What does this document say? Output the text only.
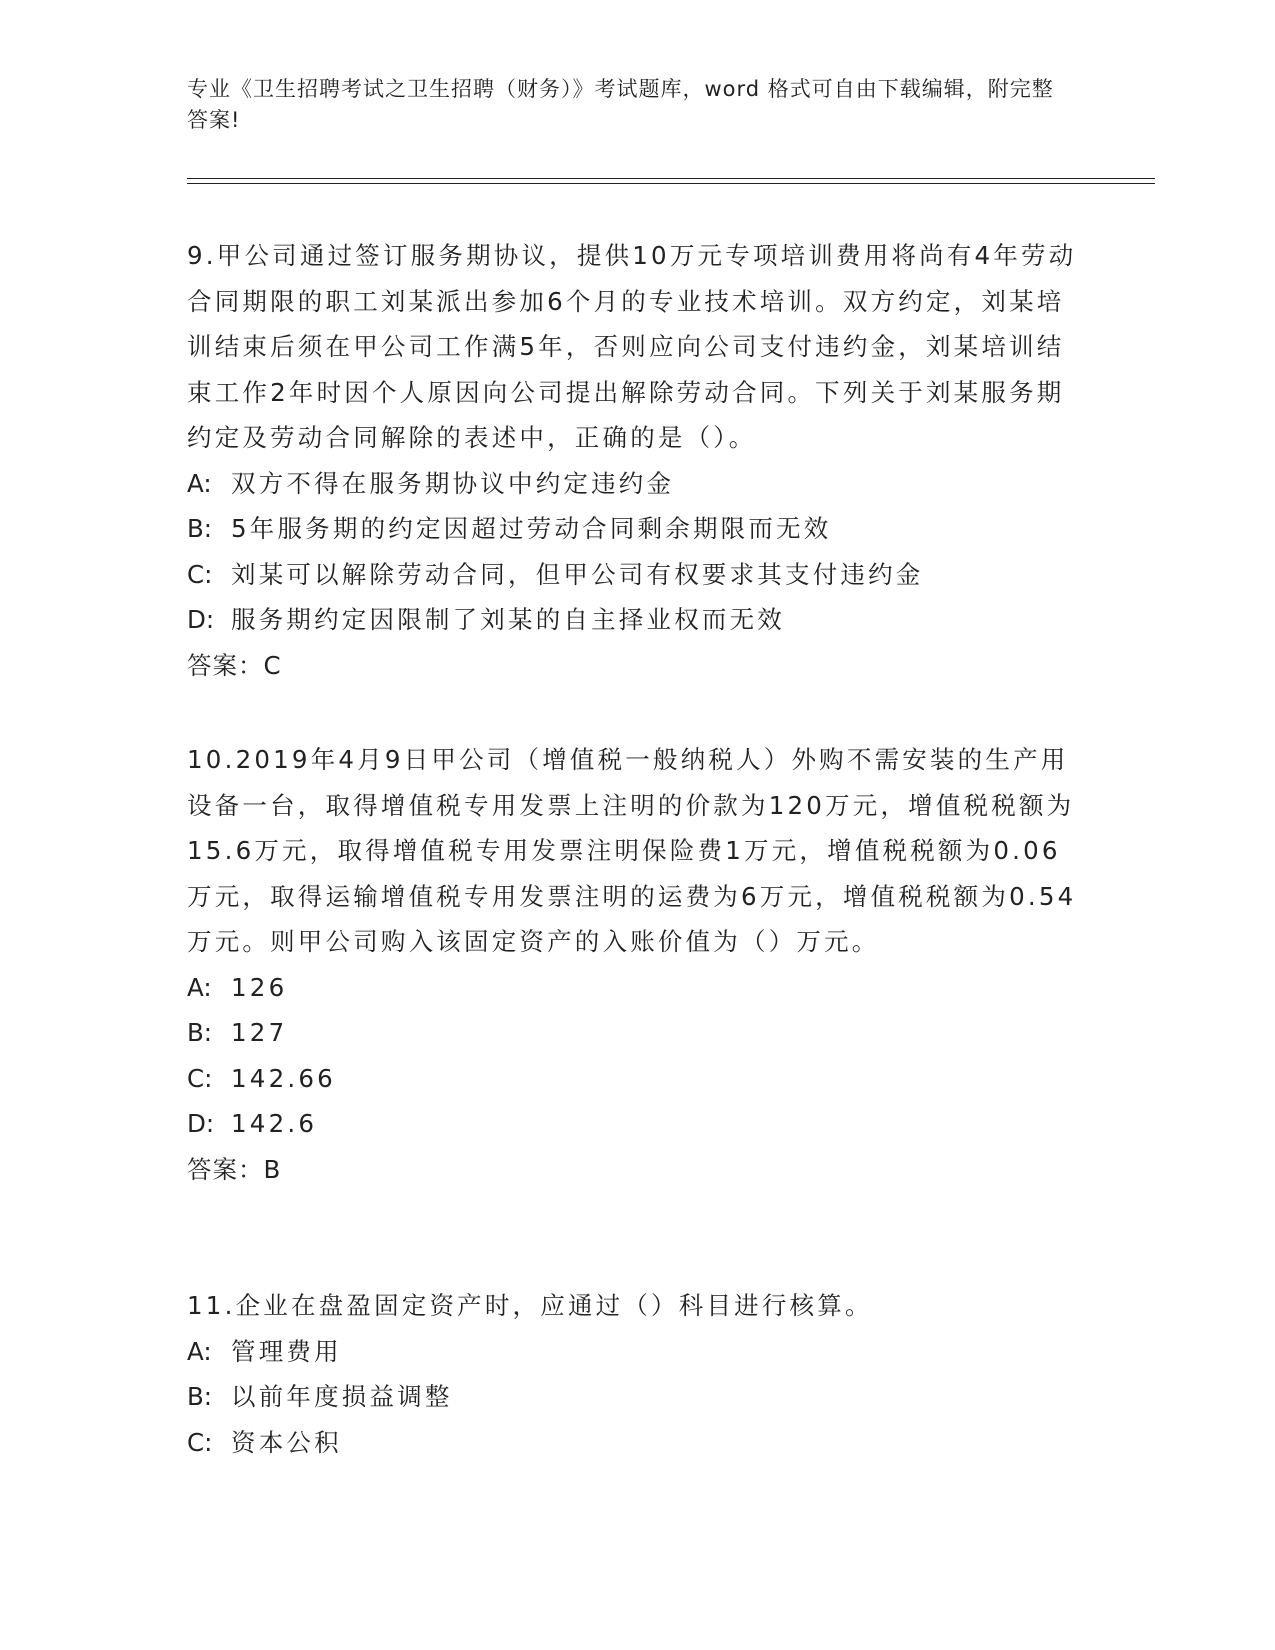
专业《卫生招聘考试之卫生招聘（财务）》考试题库，word 格式可自由下载编辑，附完整答案!

9.甲公司通过签订服务期协议，提供10万元专项培训费用将尚有4年劳动合同期限的职工刘某派出参加6个月的专业技术培训。双方约定，刘某培训结束后须在甲公司工作满5年，否则应向公司支付违约金，刘某培训结束工作2年时因个人原因向公司提出解除劳动合同。下列关于刘某服务期约定及劳动合同解除的表述中，正确的是（）。

A: 双方不得在服务期协议中约定违约金

B: 5年服务期的约定因超过劳动合同剩余期限而无效

C: 刘某可以解除劳动合同，但甲公司有权要求其支付违约金

D: 服务期约定因限制了刘某的自主择业权而无效

答案：C

10.2019年4月9日甲公司（增值税一般纳税人）外购不需安装的生产用设备一台，取得增值税专用发票上注明的价款为120万元，增值税税额为15.6万元，取得增值税专用发票注明保险费1万元，增值税税额为0.06万元，取得运输增值税专用发票注明的运费为6万元，增值税税额为0.54万元。则甲公司购入该固定资产的入账价值为（）万元。

A: 126

B: 127

C: 142.66

D: 142.6

答案：B

11.企业在盘盈固定资产时，应通过（）科目进行核算。

A: 管理费用

B: 以前年度损益调整

C: 资本公积
